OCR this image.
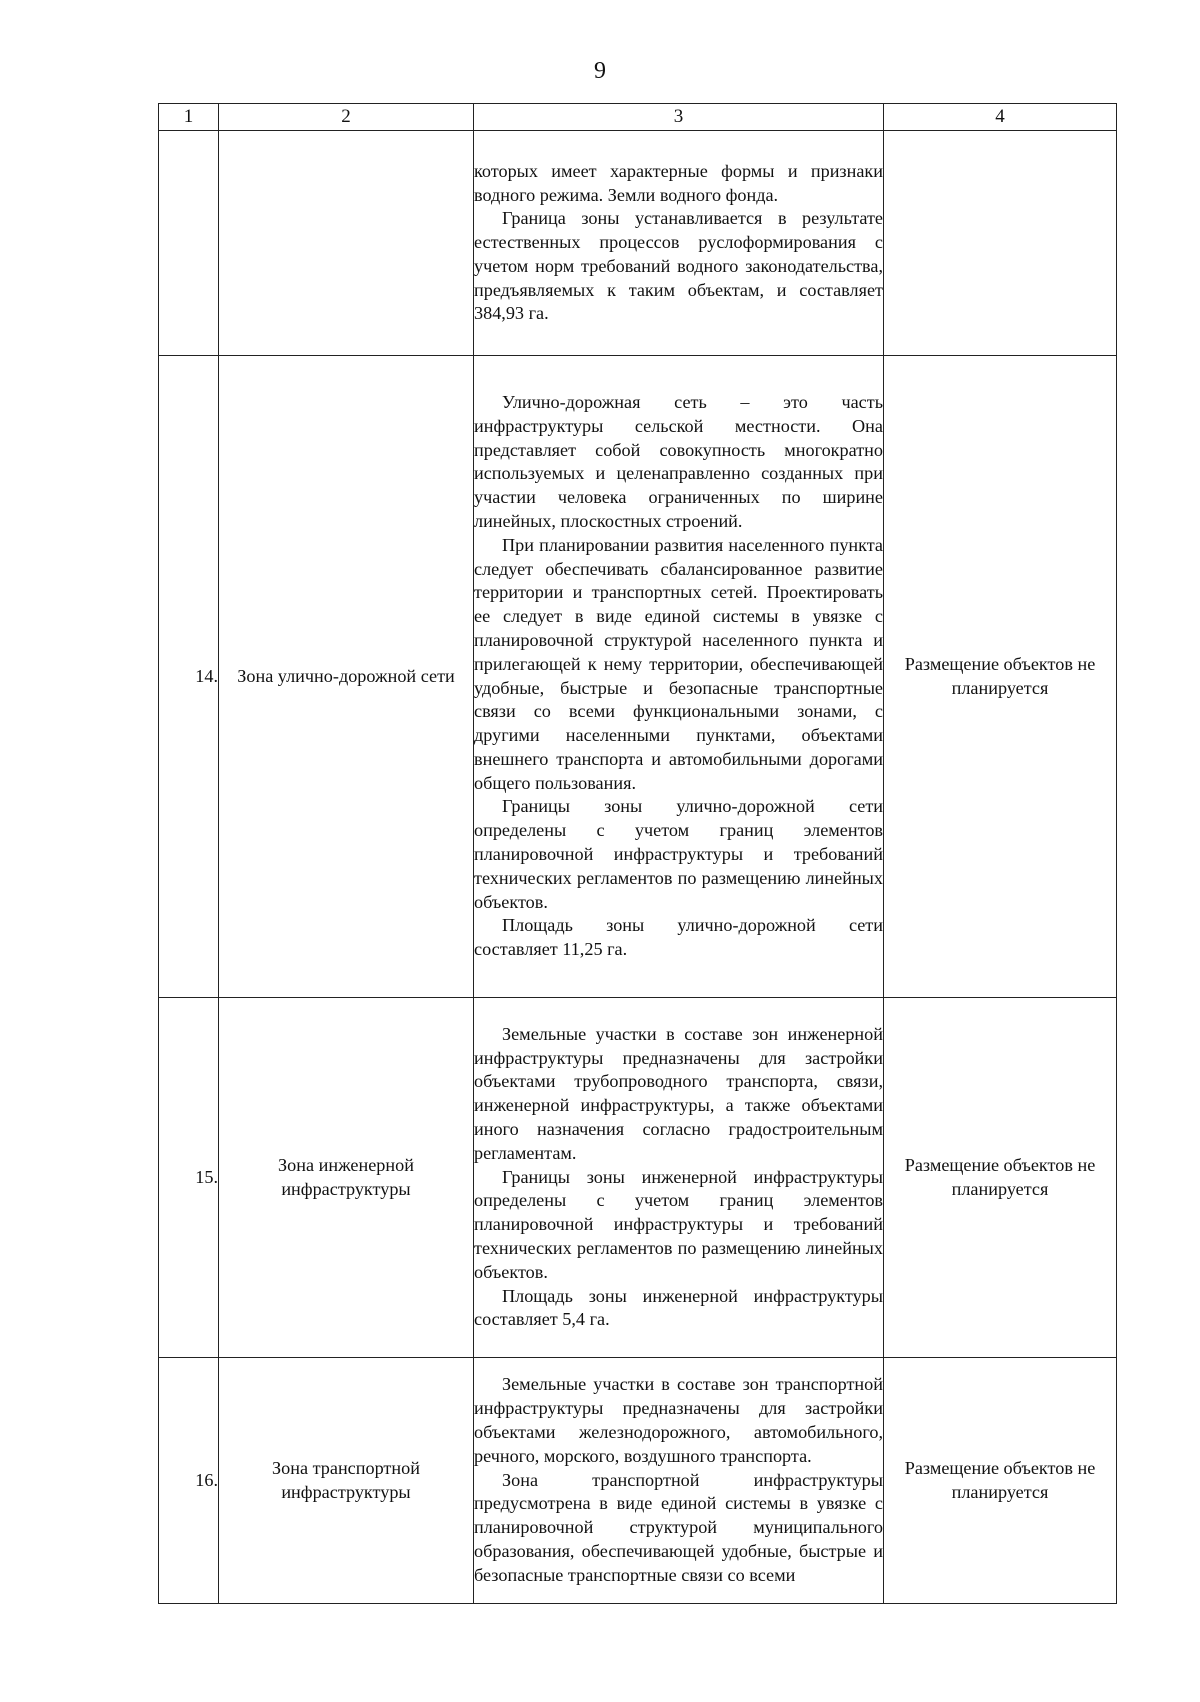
9
1	2	3	4

		которых имеет характерные формы и признаки водного режима. Земли водного фонда.

Граница зоны устанавливается в результате естественных процессов руслоформирования с учетом норм требований водного законодательства, предъявляемых к таким объектам, и составляет 384,93 га.	

14.	Зона улично-дорожной сети	Улично-дорожная сеть – это часть инфраструктуры сельской местности. Она представляет собой совокупность многократно используемых и целенаправленно созданных при участии человека ограниченных по ширине линейных, плоскостных строений.

При планировании развития населенного пункта следует обеспечивать сбалансированное развитие территории и транспортных сетей. Проектировать ее следует в виде единой системы в увязке с планировочной структурой населенного пункта и прилегающей к нему территории, обеспечивающей удобные, быстрые и безопасные транспортные связи со всеми функциональными зонами, с другими населенными пунктами, объектами внешнего транспорта и автомобильными дорогами общего пользования.

Границы зоны улично-дорожной сети определены с учетом границ элементов планировочной инфраструктуры и требований технических регламентов по размещению линейных объектов.

Площадь зоны улично-дорожной сети составляет 11,25 га.	Размещение объектов не планируется
15.	Зона инженерной инфраструктуры	Земельные участки в составе зон инженерной инфраструктуры предназначены для застройки объектами трубопроводного транспорта, связи, инженерной инфраструктуры, а также объектами иного назначения согласно градостроительным регламентам.

Границы зоны инженерной инфраструктуры определены с учетом границ элементов планировочной инфраструктуры и требований технических регламентов по размещению линейных объектов.

Площадь зоны инженерной инфраструктуры составляет 5,4 га.	Размещение объектов не планируется
16.	Зона транспортной инфраструктуры	Земельные участки в составе зон транспортной инфраструктуры предназначены для застройки объектами железнодорожного, автомобильного, речного, морского, воздушного транспорта.

Зона транспортной инфраструктуры предусмотрена в виде единой системы в увязке с планировочной структурой муниципального образования, обеспечивающей удобные, быстрые и безопасные транспортные связи со всеми	Размещение объектов не планируется
